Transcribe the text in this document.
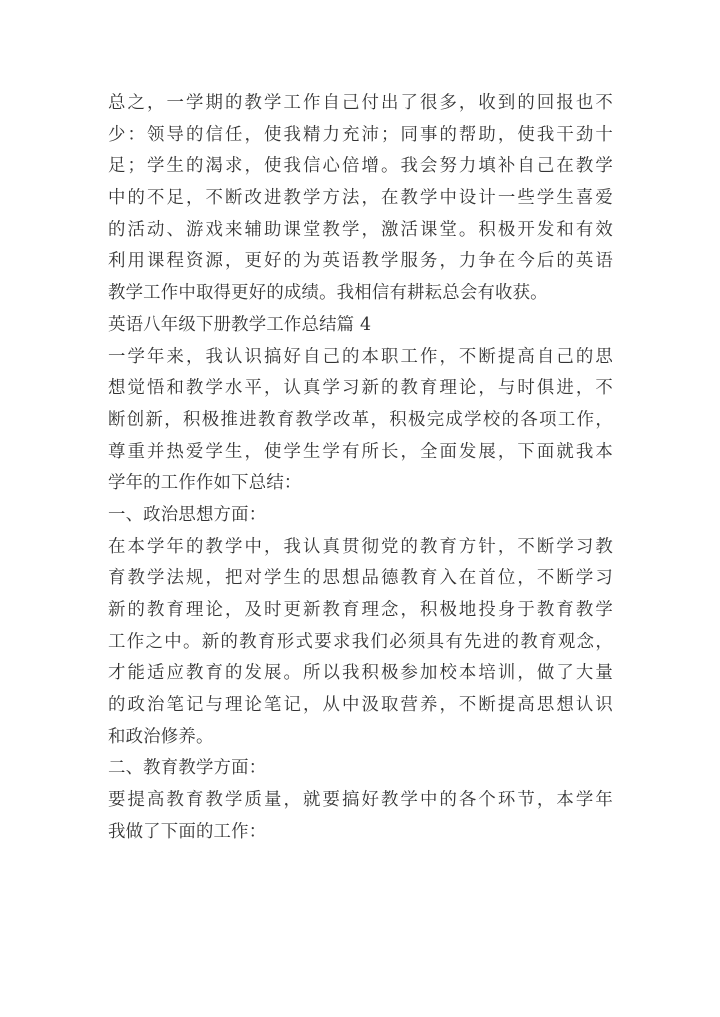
总之，一学期的教学工作自己付出了很多，收到的回报也不
少：领导的信任，使我精力充沛；同事的帮助，使我干劲十
足；学生的渴求，使我信心倍增。我会努力填补自己在教学
中的不足，不断改进教学方法，在教学中设计一些学生喜爱
的活动、游戏来辅助课堂教学，激活课堂。积极开发和有效
利用课程资源，更好的为英语教学服务，力争在今后的英语
教学工作中取得更好的成绩。我相信有耕耘总会有收获。
英语八年级下册教学工作总结篇 4
一学年来，我认识搞好自己的本职工作，不断提高自己的思
想觉悟和教学水平，认真学习新的教育理论，与时俱进，不
断创新，积极推进教育教学改革，积极完成学校的各项工作，
尊重并热爱学生，使学生学有所长，全面发展，下面就我本
学年的工作作如下总结：
一、政治思想方面：
在本学年的教学中，我认真贯彻党的教育方针，不断学习教
育教学法规，把对学生的思想品德教育入在首位，不断学习
新的教育理论，及时更新教育理念，积极地投身于教育教学
工作之中。新的教育形式要求我们必须具有先进的教育观念，
才能适应教育的发展。所以我积极参加校本培训，做了大量
的政治笔记与理论笔记，从中汲取营养，不断提高思想认识
和政治修养。
二、教育教学方面：
要提高教育教学质量，就要搞好教学中的各个环节，本学年
我做了下面的工作：
